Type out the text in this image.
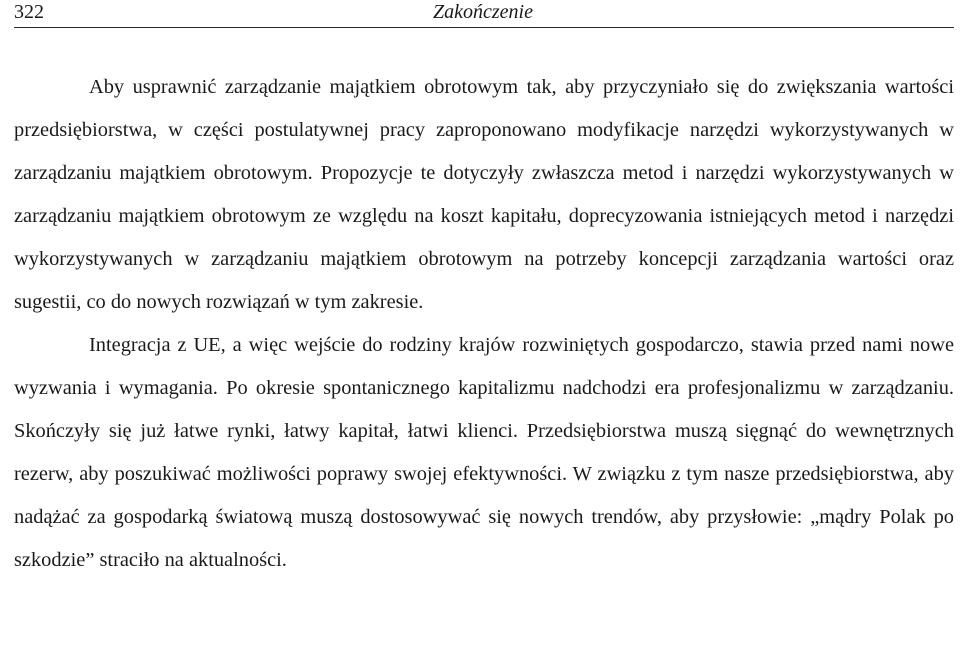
322	Zakończenie

Aby usprawnić zarządzanie majątkiem obrotowym tak, aby przyczyniało się do zwiększania wartości przedsiębiorstwa, w części postulatywnej pracy zaproponowano modyfikacje narzędzi wykorzystywanych w zarządzaniu majątkiem obrotowym. Propozycje te dotyczyły zwłaszcza metod i narzędzi wykorzystywanych w zarządzaniu majątkiem obrotowym ze względu na koszt kapitału, doprecyzowania istniejących metod i narzędzi wykorzystywanych w zarządzaniu majątkiem obrotowym na potrzeby koncepcji zarządzania wartości oraz sugestii, co do nowych rozwiązań w tym zakresie.

Integracja z UE, a więc wejście do rodziny krajów rozwiniętych gospodarczo, stawia przed nami nowe wyzwania i wymagania. Po okresie spontanicznego kapitalizmu nadchodzi era profesjonalizmu w zarządzaniu. Skończyły się już łatwe rynki, łatwy kapitał, łatwi klienci. Przedsiębiorstwa muszą sięgnąć do wewnętrznych rezerw, aby poszukiwać możliwości poprawy swojej efektywności. W związku z tym nasze przedsiębiorstwa, aby nadążać za gospodarką światową muszą dostosowywać się nowych trendów, aby przysłowie: „mądry Polak po szkodzie” straciło na aktualności.
